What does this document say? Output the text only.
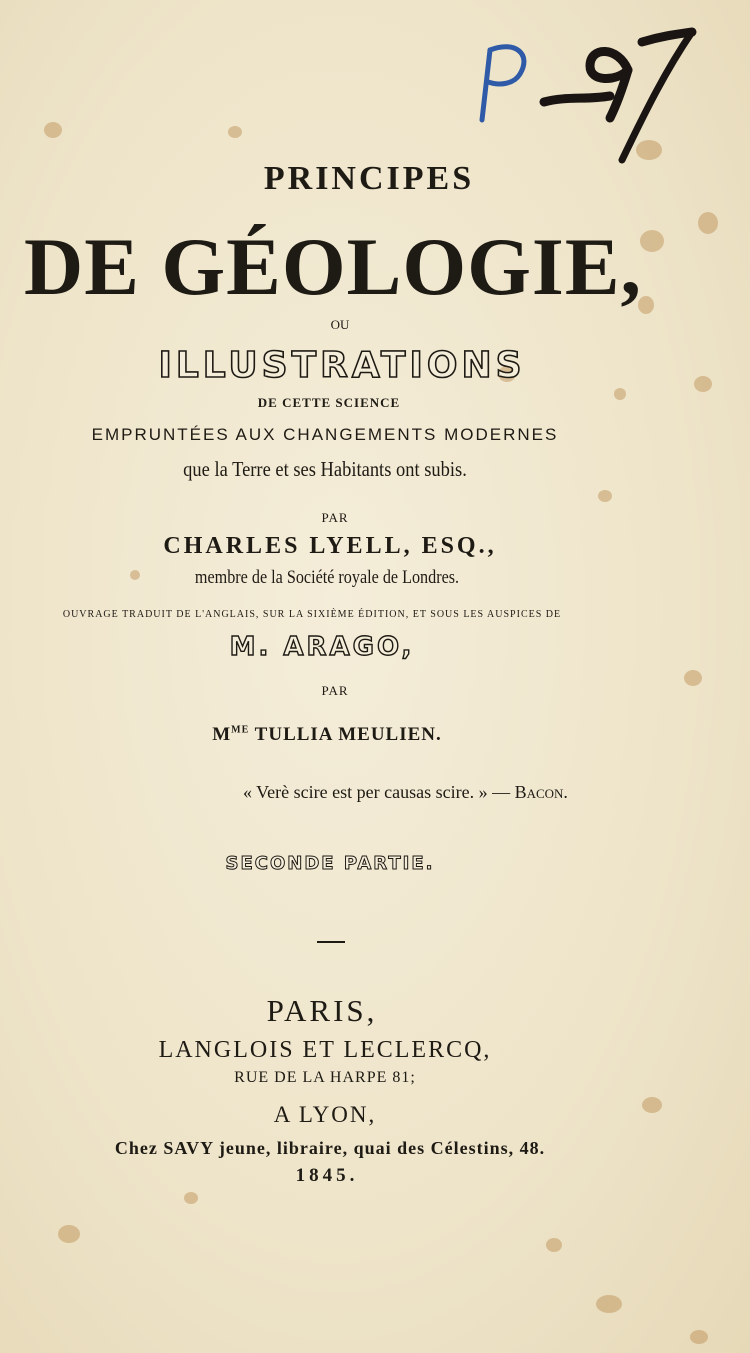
PRINCIPES
DE GÉOLOGIE,
OU
ILLUSTRATIONS
DE CETTE SCIENCE
EMPRUNTÉES AUX CHANGEMENTS MODERNES
que la Terre et ses Habitants ont subis.
PAR
CHARLES LYELL, ESQ.,
membre de la Société royale de Londres.
OUVRAGE TRADUIT DE L'ANGLAIS, SUR LA SIXIÈME ÉDITION, ET SOUS LES AUSPICES DE
M. ARAGO,
PAR
$M^{ME}$ TULLIA MEULIEN.
« Verè scire est per causas scire. » — Bacon.
SECONDE PARTIE.
PARIS,
LANGLOIS ET LECLERCQ,
RUE DE LA HARPE 81;
A LYON,
Chez SAVY jeune, libraire, quai des Célestins, 48.
1845.
